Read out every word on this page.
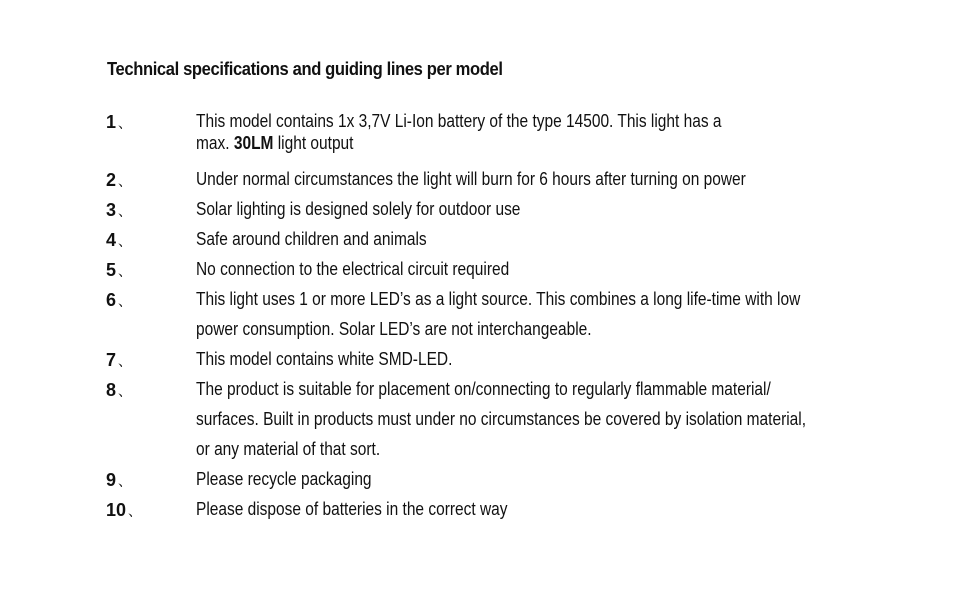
Technical specifications and guiding lines per model
1 、	This model contains 1x 3,7V Li-Ion battery of the type 14500. This light has a
max. 30LM light output
2 、	Under normal circumstances the light will burn for 6 hours after turning on power
3 、	Solar lighting is designed solely for outdoor use
4 、	Safe around children and animals
5 、	No connection to the electrical circuit required
6 、	This light uses 1 or more LED’s as a light source. This combines a long life-time with low
power consumption. Solar LED’s are not interchangeable.
7 、	This model contains white SMD-LED.
8 、	The product is suitable for placement on/connecting to regularly flammable material/
surfaces. Built in products must under no circumstances be covered by isolation material,
or any material of that sort.
9 、	Please recycle packaging
10 、	Please dispose of batteries in the correct way
